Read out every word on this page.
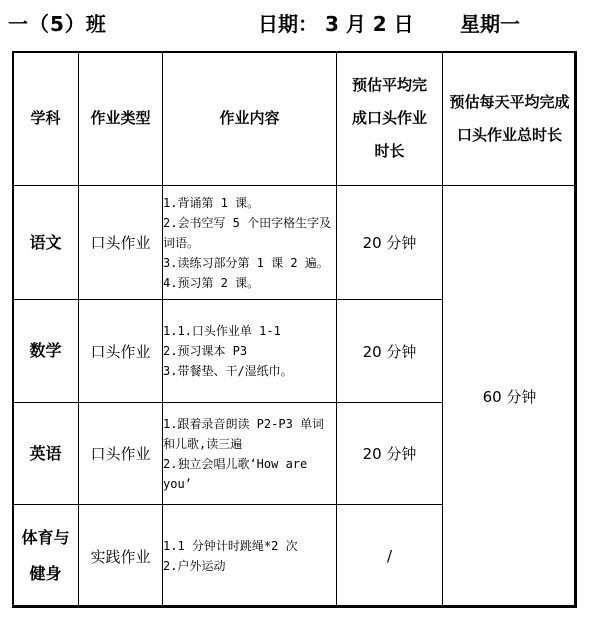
一（5）班	日期： 3 月 2 日 星期一
学科	作业类型	作业内容	预估平均完成口头作业时长	预估每天平均完成口头作业总时长
语文	口头作业	1.背诵第 1 课。
2.会书空写 5 个田字格生字及词语。
3.读练习部分第 1 课 2 遍。
4.预习第 2 课。	20 分钟	60 分钟
数学	口头作业	1.1.口头作业单 1-1
2.预习课本 P3
3.带餐垫、干/湿纸巾。	20 分钟	
英语	口头作业	1.跟着录音朗读 P2-P3 单词和儿歌,读三遍
2.独立会唱儿歌‘How are you’	20 分钟	
体育与健身	实践作业	1.1 分钟计时跳绳*2 次
2.户外运动	/	
